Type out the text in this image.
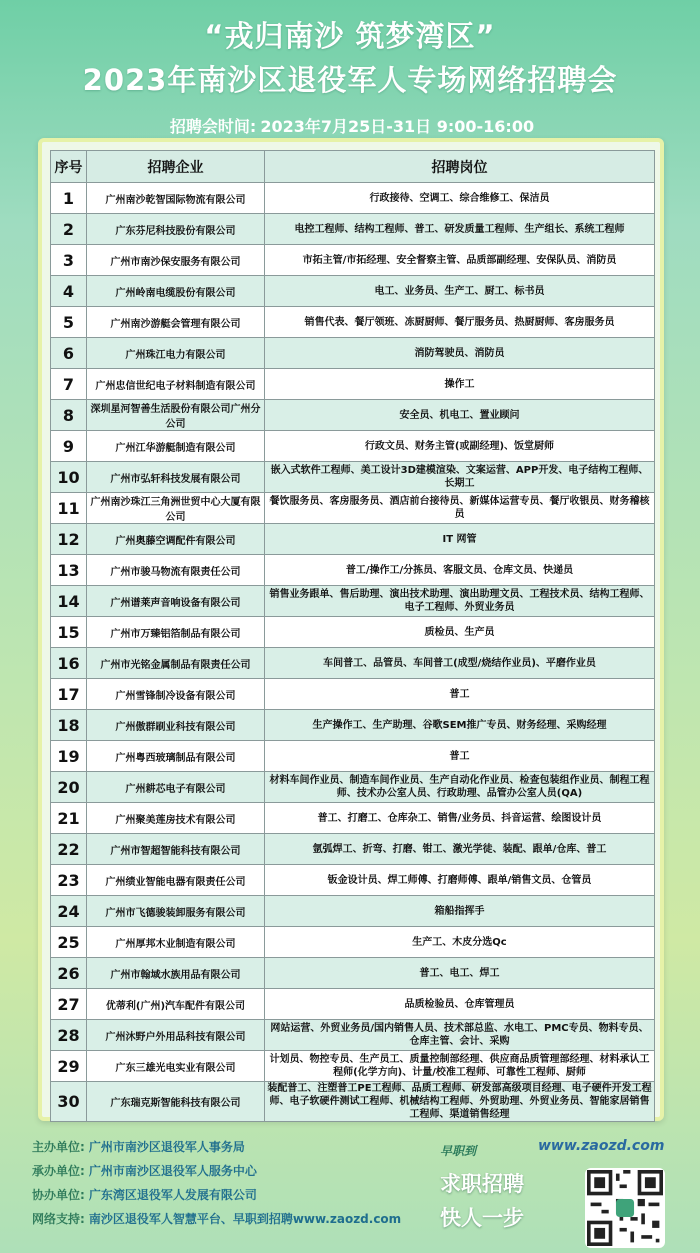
“戎归南沙 筑梦湾区”
2023年南沙区退役军人专场网络招聘会
招聘会时间: 2023年7月25日-31日 9:00-16:00
序号	招聘企业	招聘岗位
1	广州南沙乾智国际物流有限公司	行政接待、空调工、综合维修工、保洁员
2	广东芬尼科技股份有限公司	电控工程师、结构工程师、普工、研发质量工程师、生产组长、系统工程师
3	广州市南沙保安服务有限公司	市拓主管/市拓经理、安全督察主管、品质部副经理、安保队员、消防员
4	广州岭南电缆股份有限公司	电工、业务员、生产工、厨工、标书员
5	广州南沙游艇会管理有限公司	销售代表、餐厅领班、冻厨厨师、餐厅服务员、热厨厨师、客房服务员
6	广州珠江电力有限公司	消防驾驶员、消防员
7	广州忠信世纪电子材料制造有限公司	操作工
8	深圳星河智善生活股份有限公司广州分公司	安全员、机电工、置业顾问
9	广州江华游艇制造有限公司	行政文员、财务主管(或副经理)、饭堂厨师
10	广州市弘轩科技发展有限公司	嵌入式软件工程师、美工设计3D建模渲染、文案运营、APP开发、电子结构工程师、长期工
11	广州南沙珠江三角洲世贸中心大厦有限公司	餐饮服务员、客房服务员、酒店前台接待员、新媒体运营专员、餐厅收银员、财务稽核员
12	广州奥藤空调配件有限公司	IT 网管
13	广州市骏马物流有限责任公司	普工/操作工/分拣员、客服文员、仓库文员、快递员
14	广州谱莱声音响设备有限公司	销售业务跟单、售后助理、演出技术助理、演出助理文员、工程技术员、结构工程师、电子工程师、外贸业务员
15	广州市万臻铝箔制品有限公司	质检员、生产员
16	广州市光铭金属制品有限责任公司	车间普工、品管员、车间普工(成型/烧结作业员)、平磨作业员
17	广州雪锋制冷设备有限公司	普工
18	广州傲群刷业科技有限公司	生产操作工、生产助理、谷歌SEM推广专员、财务经理、采购经理
19	广州粤西玻璃制品有限公司	普工
20	广州耕芯电子有限公司	材料车间作业员、制造车间作业员、生产自动化作业员、检查包装组作业员、制程工程师、技术办公室人员、行政助理、品管办公室人员(QA)
21	广州聚美莲房技术有限公司	普工、打磨工、仓库杂工、销售/业务员、抖音运营、绘图设计员
22	广州市智超智能科技有限公司	氩弧焊工、折弯、打磨、钳工、激光学徒、装配、跟单/仓库、普工
23	广州绩业智能电器有限责任公司	钣金设计员、焊工师傅、打磨师傅、跟单/销售文员、仓管员
24	广州市飞德骏装卸服务有限公司	箱船指挥手
25	广州厚邦木业制造有限公司	生产工、木皮分选Qc
26	广州市翰域水族用品有限公司	普工、电工、焊工
27	优蒂利(广州)汽车配件有限公司	品质检验员、仓库管理员
28	广州沐野户外用品科技有限公司	网站运营、外贸业务员/国内销售人员、技术部总监、水电工、PMC专员、物料专员、仓库主管、会计、采购
29	广东三雄光电实业有限公司	计划员、物控专员、生产员工、质量控制部经理、供应商品质管理部经理、材料承认工程师(化学方向)、计量/校准工程师、可靠性工程师、厨师
30	广东瑞克斯智能科技有限公司	装配普工、注塑普工PE工程师、品质工程师、研发部高级项目经理、电子硬件开发工程师、电子软硬件测试工程师、机械结构工程师、外贸助理、外贸业务员、智能家居销售工程师、渠道销售经理
主办单位: 广州市南沙区退役军人事务局
承办单位: 广州市南沙区退役军人服务中心
协办单位: 广东湾区退役军人发展有限公司
网络支持: 南沙区退役军人智慧平台、早职到招聘www.zaozd.com
早职到	www.zaozd.com
求职招聘
快人一步
